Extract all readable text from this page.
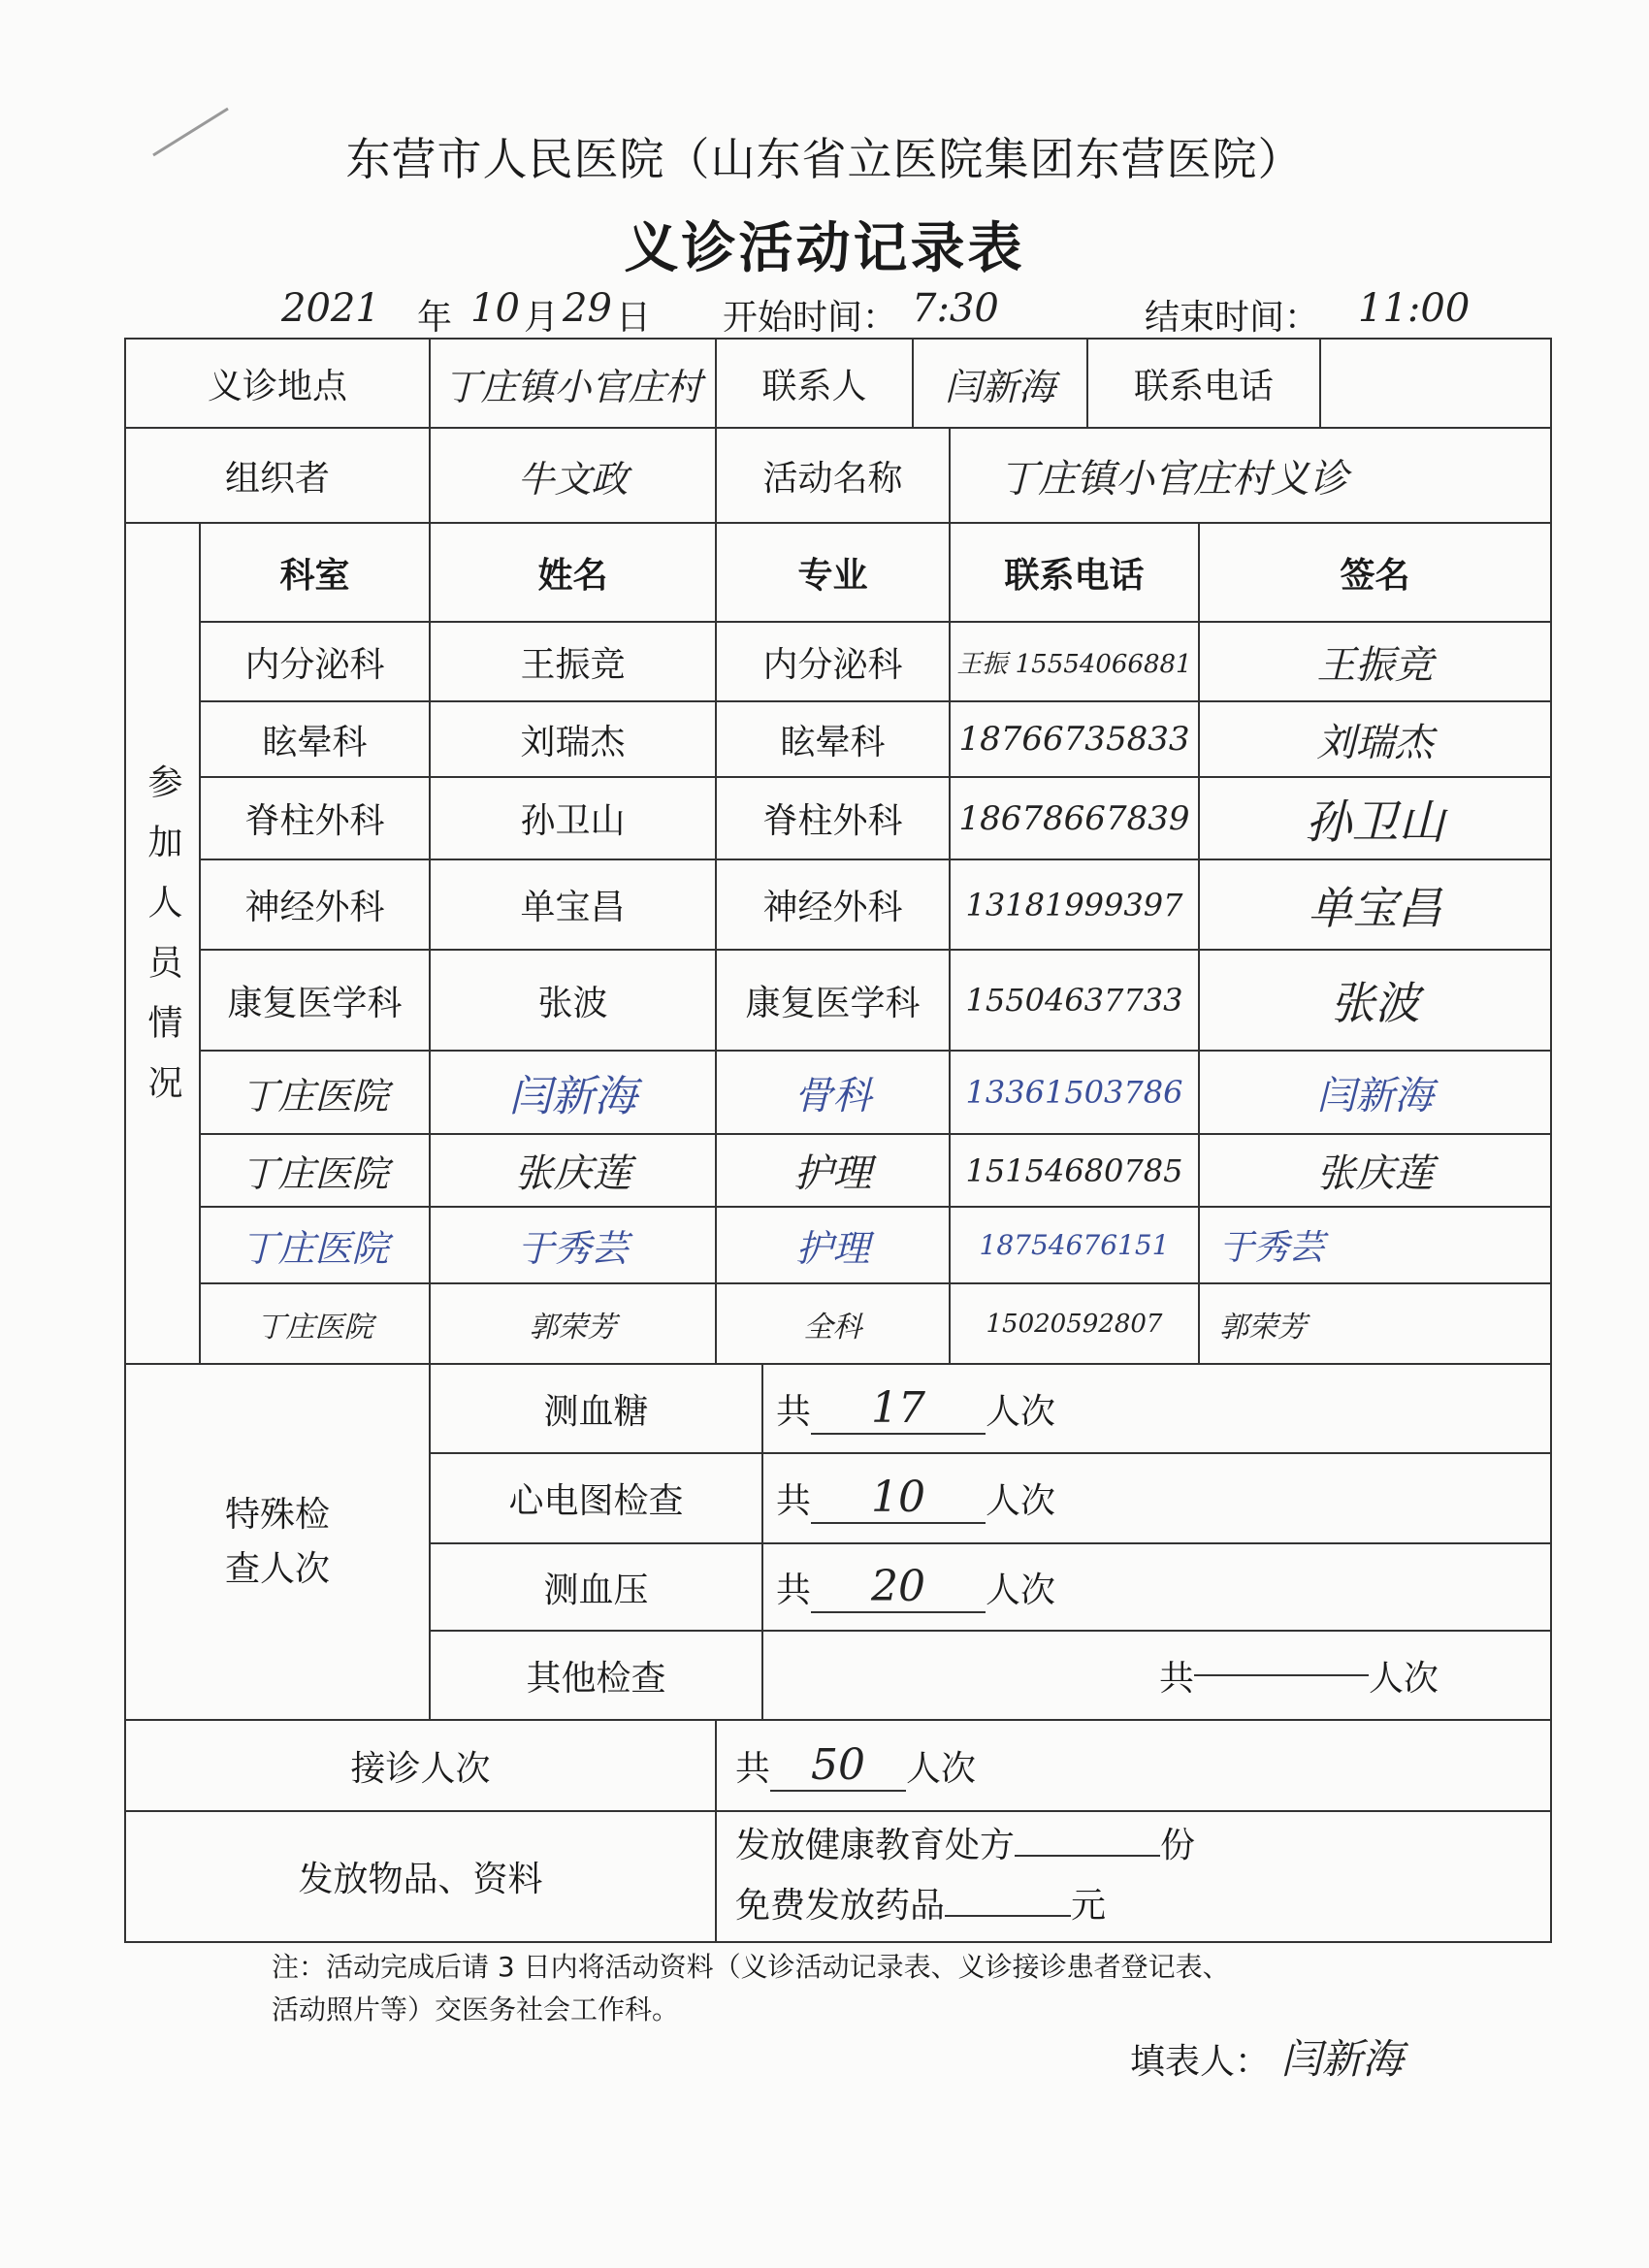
东营市人民医院（山东省立医院集团东营医院）
义诊活动记录表
2021 年 10 月 29 日 开始时间： 7:30	结束时间： 11:00
义诊地点	丁庄镇小官庄村	联系人	闫新海	联系电话
组织者	牛文政	活动名称	丁庄镇小官庄村义诊
参加人员情况
科室	姓名	专业	联系电话	签名
内分泌科	王振竞	内分泌科	王振 15554066881	王振竞
眩晕科	刘瑞杰	眩晕科	18766735833	刘瑞杰
脊柱外科	孙卫山	脊柱外科	18678667839	孙卫山
神经外科	单宝昌	神经外科	13181999397	单宝昌
康复医学科	张波	康复医学科	15504637733	张波
丁庄医院	闫新海	骨科	13361503786	闫新海
丁庄医院	张庆莲	护理	15154680785	张庆莲
丁庄医院	于秀芸	护理	18754676151	于秀芸
丁庄医院	郭荣芳	全科	15020592807	郭荣芳
特殊检
查人次
测血糖	共	17	人次
心电图检查	共	10	人次
测血压	共	20	人次
其他检查	共	人次
接诊人次	共 50	人次
发放物品、资料
发放健康教育处方	份
免费发放药品	元
注：活动完成后请 3 日内将活动资料（义诊活动记录表、义诊接诊患者登记表、
活动照片等）交医务社会工作科。
填表人： 闫新海
